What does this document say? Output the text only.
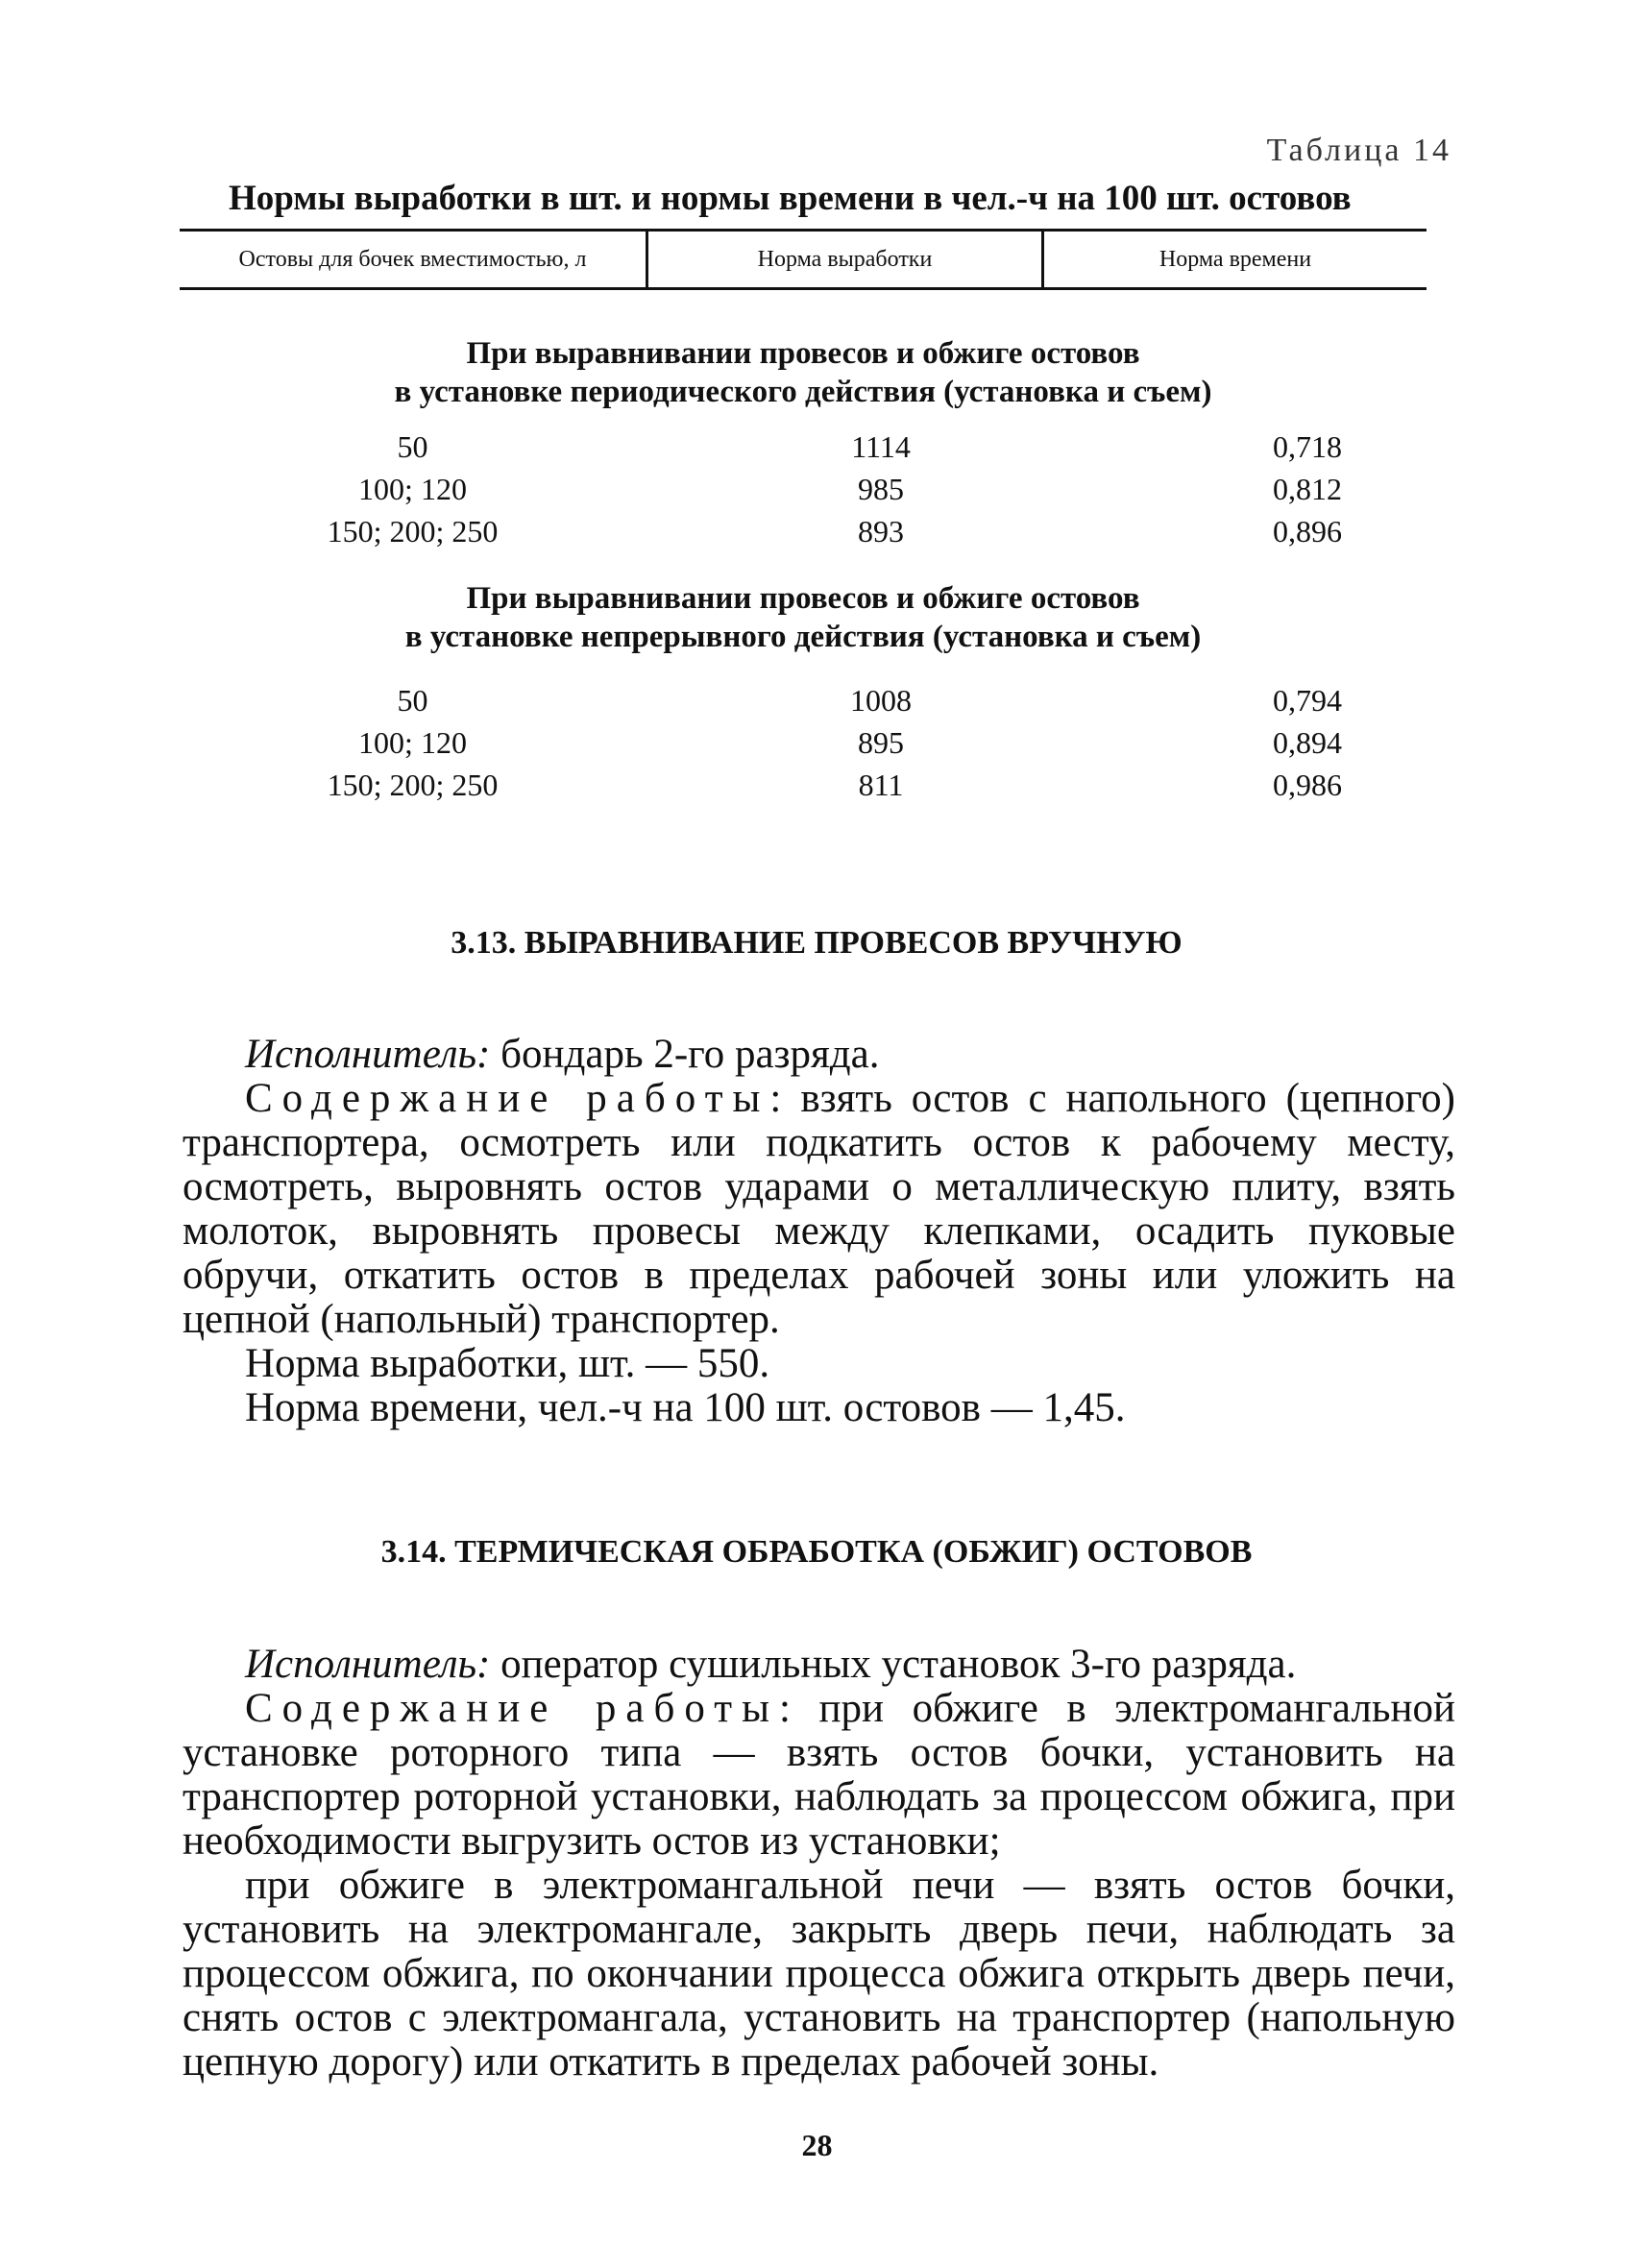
Таблица 14
Нормы выработки в шт. и нормы времени в чел.-ч на 100 шт. остовов
Остовы для бочек вместимостью, л	Норма выработки	Норма времени
При выравнивании провесов и обжиге остовов
в установке периодического действия (установка и съем)
50	1114	0,718
100; 120	985	0,812
150; 200; 250	893	0,896
При выравнивании провесов и обжиге остовов
в установке непрерывного действия (установка и съем)
50	1008	0,794
100; 120	895	0,894
150; 200; 250	811	0,986
3.13. ВЫРАВНИВАНИЕ ПРОВЕСОВ ВРУЧНУЮ

Исполнитель: бондарь 2-го разряда.

Содержание работы: взять остов с напольного (цепного) транспортера, осмотреть или подкатить остов к рабочему месту, осмотреть, выровнять остов ударами о металлическую плиту, взять молоток, выровнять провесы между клепками, осадить пуковые обручи, откатить остов в пределах рабочей зоны или уложить на цепной (напольный) транспортер.

Норма выработки, шт. — 550.

Норма времени, чел.-ч на 100 шт. остовов — 1,45.

3.14. ТЕРМИЧЕСКАЯ ОБРАБОТКА (ОБЖИГ) ОСТОВОВ

Исполнитель: оператор сушильных установок 3-го разряда.

Содержание работы: при обжиге в электромангальной установке роторного типа — взять остов бочки, установить на транспортер роторной установки, наблюдать за процессом обжига, при необходимости выгрузить остов из установки;

при обжиге в электромангальной печи — взять остов бочки, установить на электромангале, закрыть дверь печи, наблюдать за процессом обжига, по окончании процесса обжига открыть дверь печи, снять остов с электромангала, установить на транспортер (напольную цепную дорогу) или откатить в пределах рабочей зоны.

28
